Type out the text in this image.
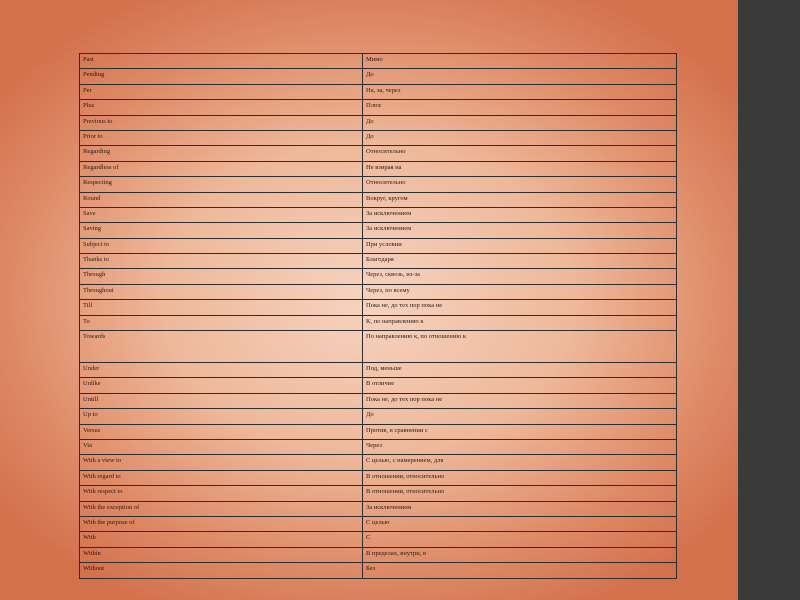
Past	Мимо
Pending	До
Per	На, за, через
Plus	Плюс
Previous to	До
Prior to	До
Regarding	Относительно
Regardless of	Не взирая на
Respecting	Относительно
Round	Вокруг, кругом
Save	За исключением
Saving	За исключением
Subject to	При условии
Thanks to	Благодаря
Through	Через, сквозь, из-за
Throughout	Через, по всему
Till	Пока не, до тех пор пока не
To	К, по направлению к
Towards	По направлению к, по отношению к
Under	Под, меньше
Unlike	В отличие
Untill	Пока не, до тех пор пока не
Up to	До
Versus	Против, в сравнении с
Via	Через
With a view to	С целью, с намерением, для
With regard to	В отношении, относительно
With respect to	В отношении, относительно
With the exception of	За исключением
With the purpose of	С целью
With	С
Within	В пределах, внутри, в
Without	Без
